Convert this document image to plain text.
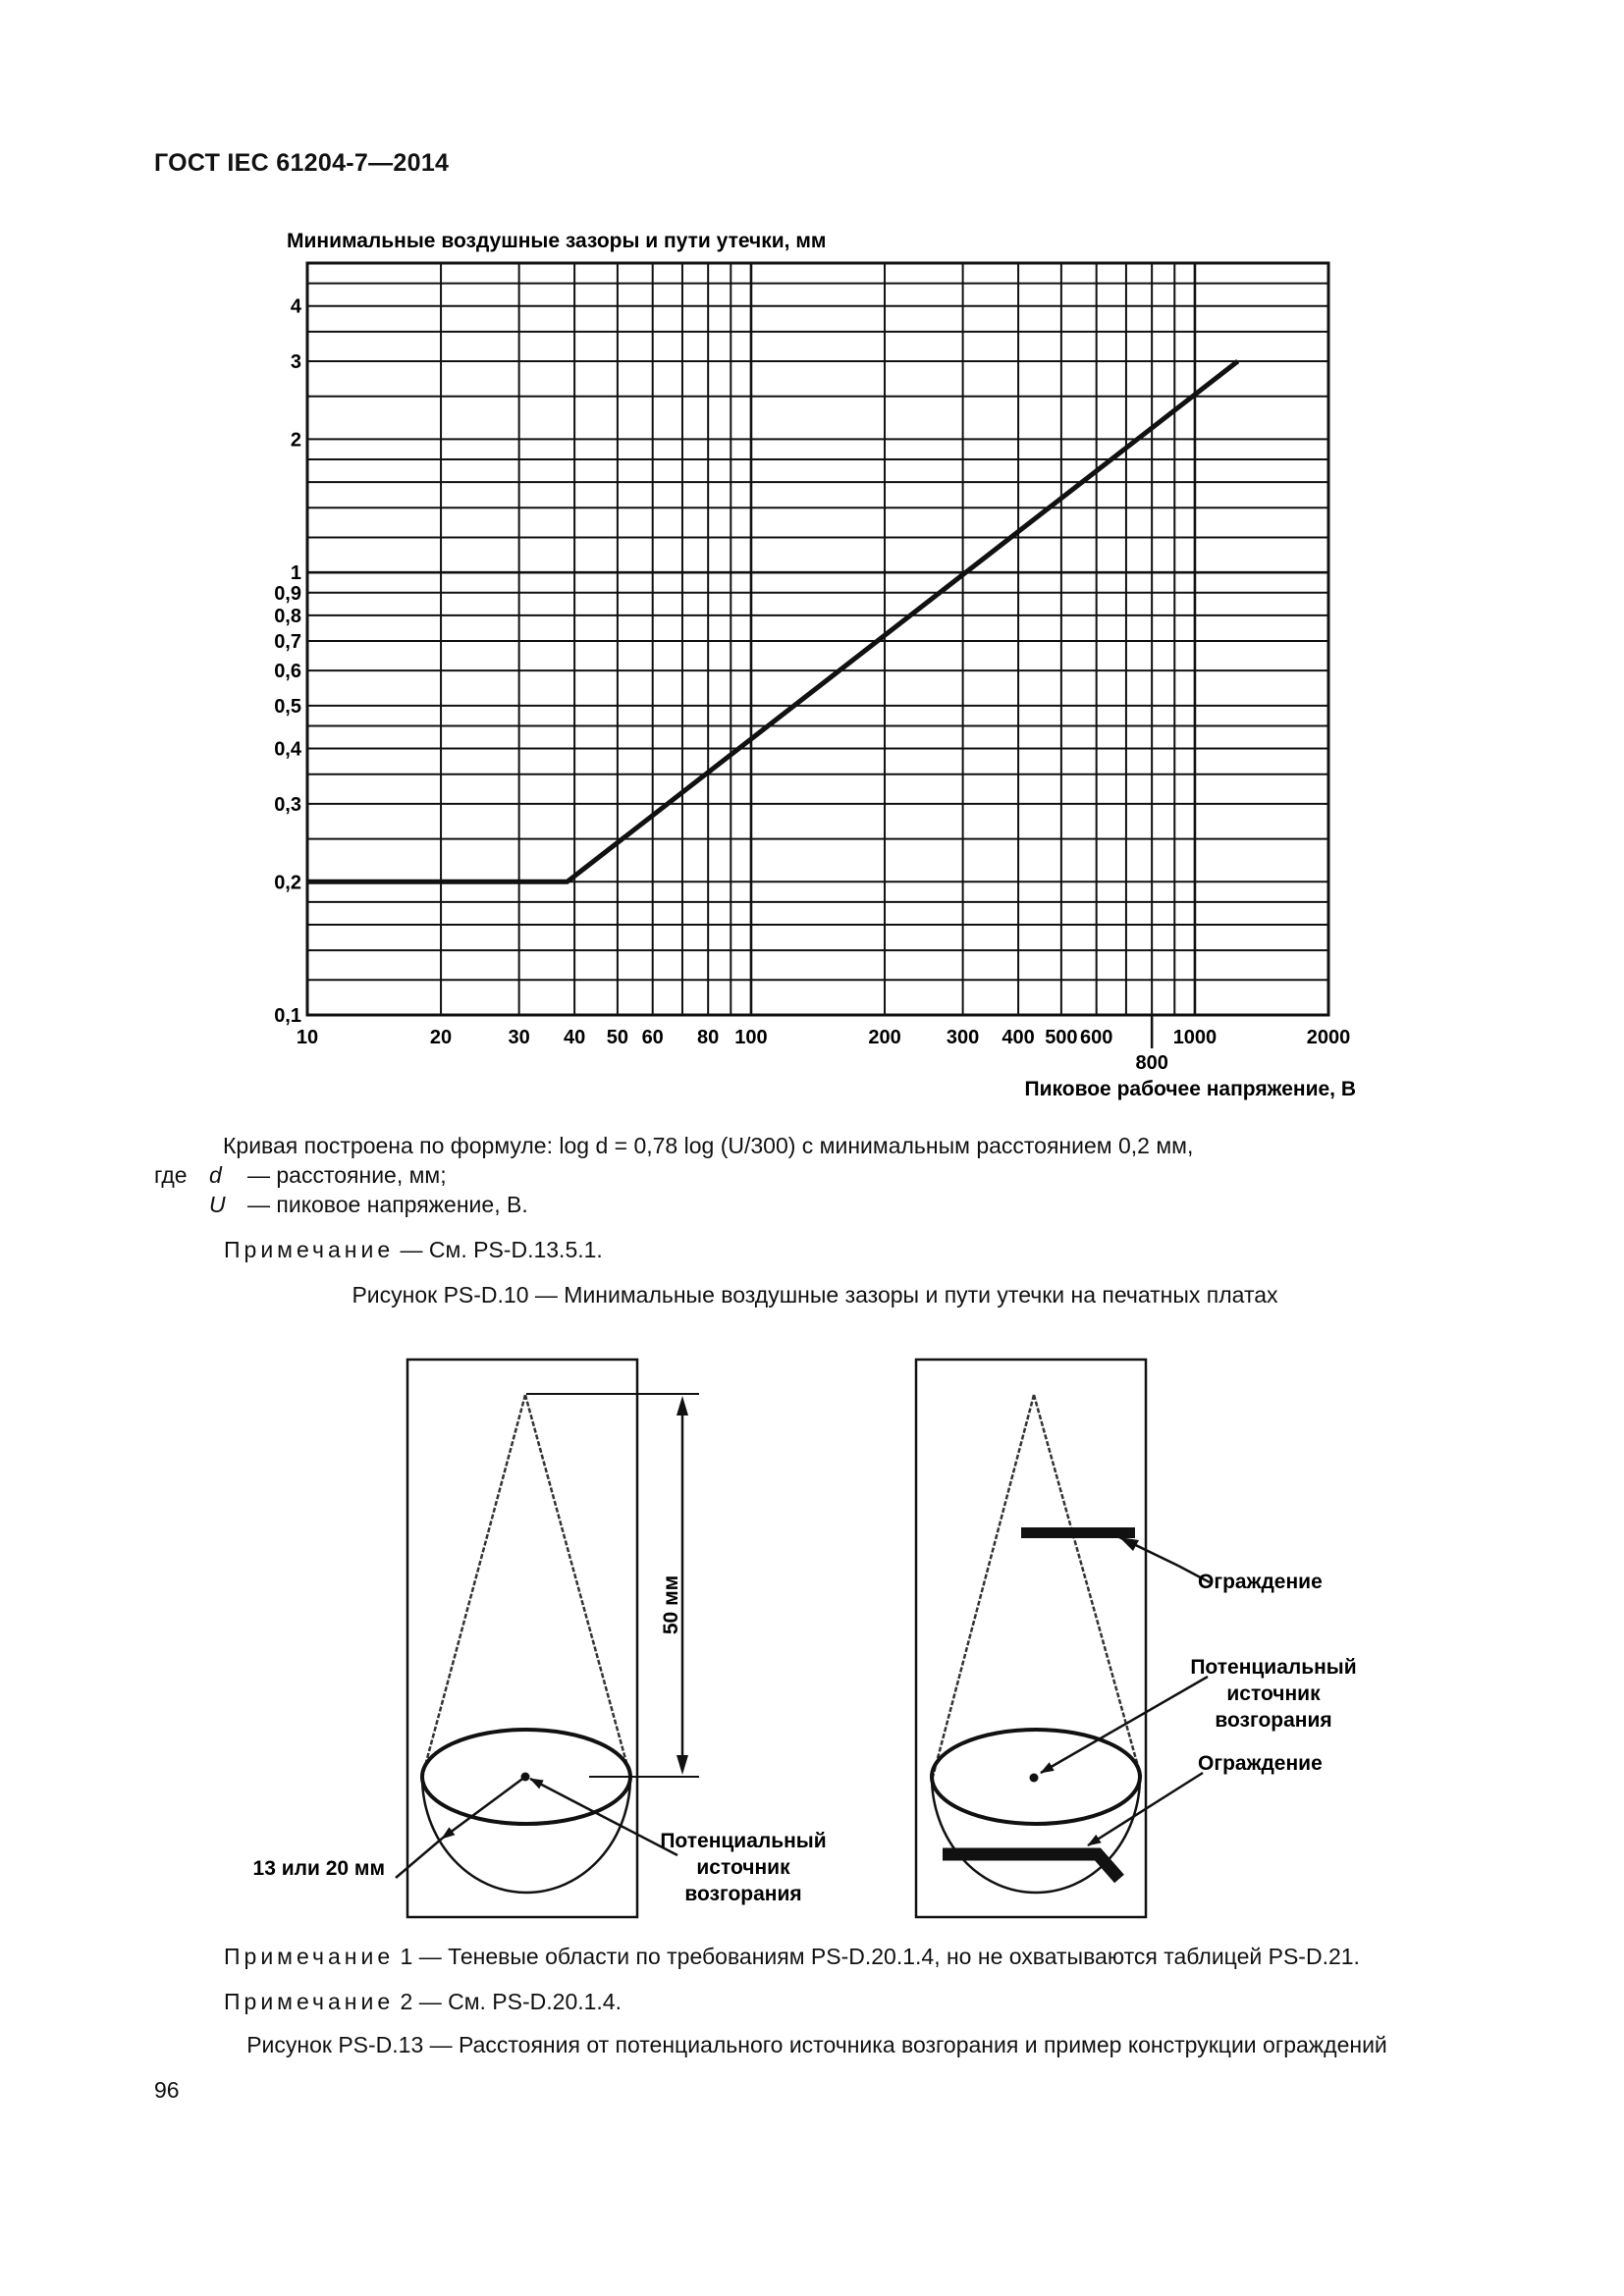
ГОСТ IEC 61204-7—2014
Минимальные воздушные зазоры и пути утечки, мм
0,1
0,2
0,3
0,4
0,5
0,6
0,7
0,8
0,9
1
2
3
4
10	20	30 40 50 60 80 100	200 300 400 500 600
800
1000	2000
Пиковое рабочее напряжение, В
Кривая построена по формуле: log d = 0,78 log (U/300) с минимальным расстоянием 0,2 мм,
где d — расстояние, мм;
U — пиковое напряжение, В.
Примечание — См. PS-D.13.5.1.
Рисунок PS-D.10 — Минимальные воздушные зазоры и пути утечки на печатных платах
50 мм
13 или 20 мм
Потенциальный
источник
возгорания
Ограждение
Потенциальный
источник
возгорания
Ограждение
Примечание 1 — Теневые области по требованиям PS-D.20.1.4, но не охватываются таблицей PS-D.21.
Примечание 2 — См. PS-D.20.1.4.
Рисунок PS-D.13 — Расстояния от потенциального источника возгорания и пример конструкции ограждений
96
